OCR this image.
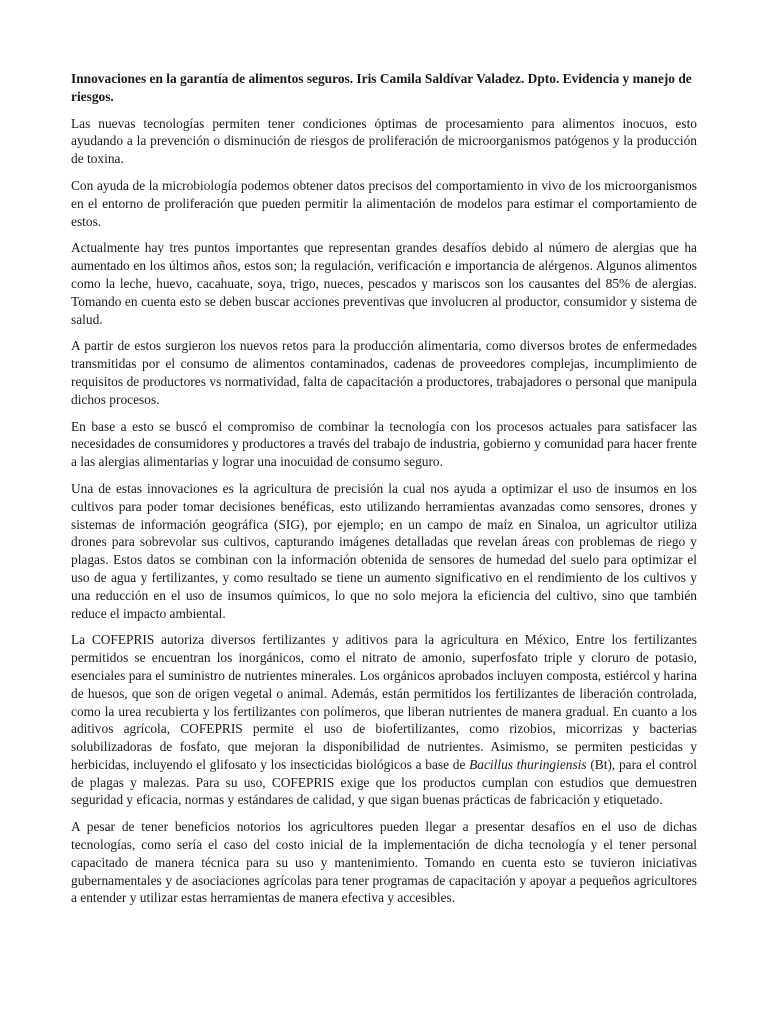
Innovaciones en la garantía de alimentos seguros. Iris Camila Saldívar Valadez. Dpto. Evidencia y manejo de riesgos.

Las nuevas tecnologías permiten tener condiciones óptimas de procesamiento para alimentos inocuos, esto ayudando a la prevención o disminución de riesgos de proliferación de microorganismos patógenos y la producción de toxina.

Con ayuda de la microbiología podemos obtener datos precisos del comportamiento in vivo de los microorganismos en el entorno de proliferación que pueden permitir la alimentación de modelos para estimar el comportamiento de estos.

Actualmente hay tres puntos importantes que representan grandes desafíos debido al número de alergias que ha aumentado en los últimos años, estos son; la regulación, verificación e importancia de alérgenos. Algunos alimentos como la leche, huevo, cacahuate, soya, trigo, nueces, pescados y mariscos son los causantes del 85% de alergias. Tomando en cuenta esto se deben buscar acciones preventivas que involucren al productor, consumidor y sistema de salud.

A partir de estos surgieron los nuevos retos para la producción alimentaria, como diversos brotes de enfermedades transmitidas por el consumo de alimentos contaminados, cadenas de proveedores complejas, incumplimiento de requisitos de productores vs normatividad, falta de capacitación a productores, trabajadores o personal que manipula dichos procesos.

En base a esto se buscó el compromiso de combinar la tecnología con los procesos actuales para satisfacer las necesidades de consumidores y productores a través del trabajo de industria, gobierno y comunidad para hacer frente a las alergias alimentarias y lograr una inocuidad de consumo seguro.

Una de estas innovaciones es la agricultura de precisión la cual nos ayuda a optimizar el uso de insumos en los cultivos para poder tomar decisiones benéficas, esto utilizando herramientas avanzadas como sensores, drones y sistemas de información geográfica (SIG), por ejemplo; en un campo de maíz en Sinaloa, un agricultor utiliza drones para sobrevolar sus cultivos, capturando imágenes detalladas que revelan áreas con problemas de riego y plagas. Estos datos se combinan con la información obtenida de sensores de humedad del suelo para optimizar el uso de agua y fertilizantes, y como resultado se tiene un aumento significativo en el rendimiento de los cultivos y una reducción en el uso de insumos químicos, lo que no solo mejora la eficiencia del cultivo, sino que también reduce el impacto ambiental.

La COFEPRIS autoriza diversos fertilizantes y aditivos para la agricultura en México, Entre los fertilizantes permitidos se encuentran los inorgánicos, como el nitrato de amonio, superfosfato triple y cloruro de potasio, esenciales para el suministro de nutrientes minerales. Los orgánicos aprobados incluyen composta, estiércol y harina de huesos, que son de origen vegetal o animal. Además, están permitidos los fertilizantes de liberación controlada, como la urea recubierta y los fertilizantes con polímeros, que liberan nutrientes de manera gradual. En cuanto a los aditivos agrícola, COFEPRIS permite el uso de biofertilizantes, como rizobios, micorrizas y bacterias solubilizadoras de fosfato, que mejoran la disponibilidad de nutrientes. Asimismo, se permiten pesticidas y herbicidas, incluyendo el glifosato y los insecticidas biológicos a base de Bacillus thuringiensis (Bt), para el control de plagas y malezas. Para su uso, COFEPRIS exige que los productos cumplan con estudios que demuestren seguridad y eficacia, normas y estándares de calidad, y que sigan buenas prácticas de fabricación y etiquetado.

A pesar de tener beneficios notorios los agricultores pueden llegar a presentar desafíos en el uso de dichas tecnologías, como sería el caso del costo inicial de la implementación de dicha tecnología y el tener personal capacitado de manera técnica para su uso y mantenimiento. Tomando en cuenta esto se tuvieron iniciativas gubernamentales y de asociaciones agrícolas para tener programas de capacitación y apoyar a pequeños agricultores a entender y utilizar estas herramientas de manera efectiva y accesibles.
